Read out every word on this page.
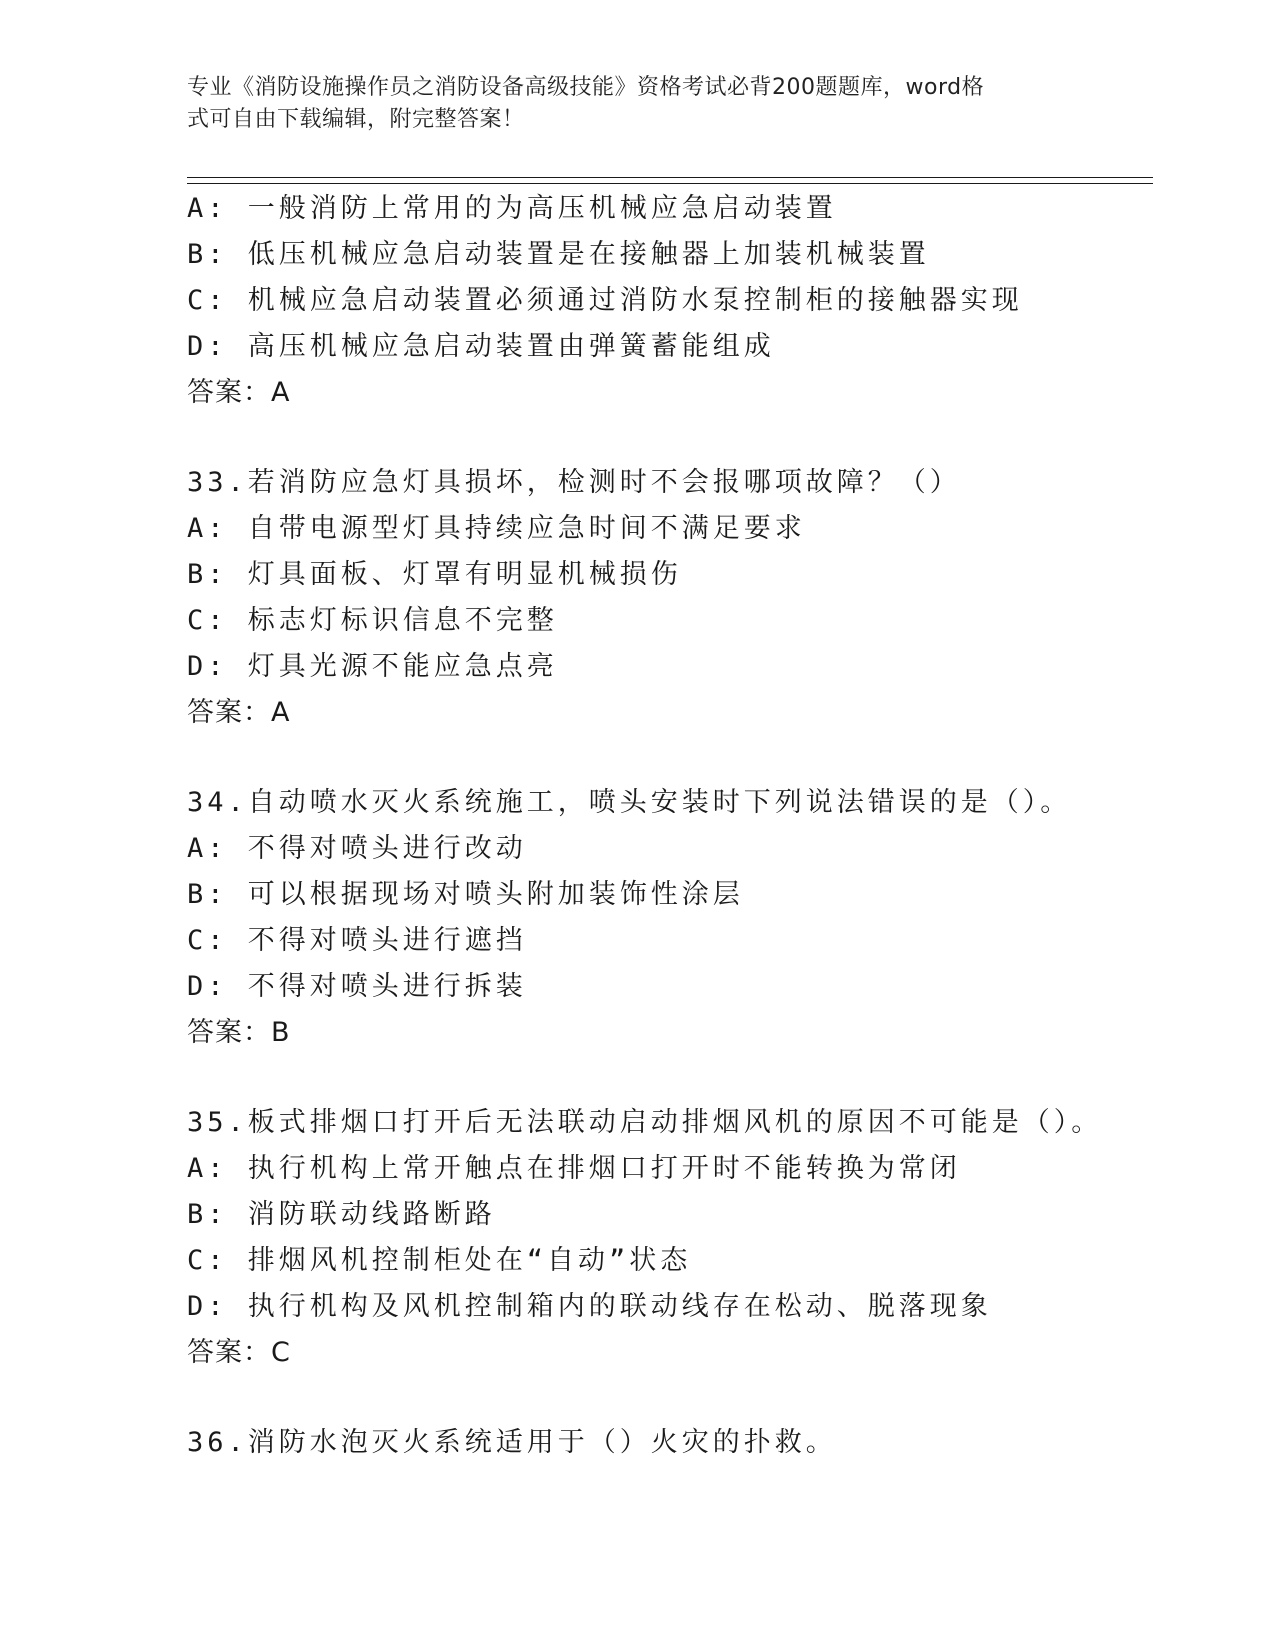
专业《消防设施操作员之消防设备高级技能》资格考试必背200题题库，word格
式可自由下载编辑，附完整答案！
A: 一般消防上常用的为高压机械应急启动装置
B: 低压机械应急启动装置是在接触器上加装机械装置
C: 机械应急启动装置必须通过消防水泵控制柜的接触器实现
D: 高压机械应急启动装置由弹簧蓄能组成
答案：A
33.若消防应急灯具损坏，检测时不会报哪项故障？（）
A: 自带电源型灯具持续应急时间不满足要求
B: 灯具面板、灯罩有明显机械损伤
C: 标志灯标识信息不完整
D: 灯具光源不能应急点亮
答案：A
34.自动喷水灭火系统施工，喷头安装时下列说法错误的是（）。
A: 不得对喷头进行改动
B: 可以根据现场对喷头附加装饰性涂层
C: 不得对喷头进行遮挡
D: 不得对喷头进行拆装
答案：B
35.板式排烟口打开后无法联动启动排烟风机的原因不可能是（）。
A: 执行机构上常开触点在排烟口打开时不能转换为常闭
B: 消防联动线路断路
C: 排烟风机控制柜处在“自动”状态
D: 执行机构及风机控制箱内的联动线存在松动、脱落现象
答案：C
36.消防水泡灭火系统适用于（）火灾的扑救。
